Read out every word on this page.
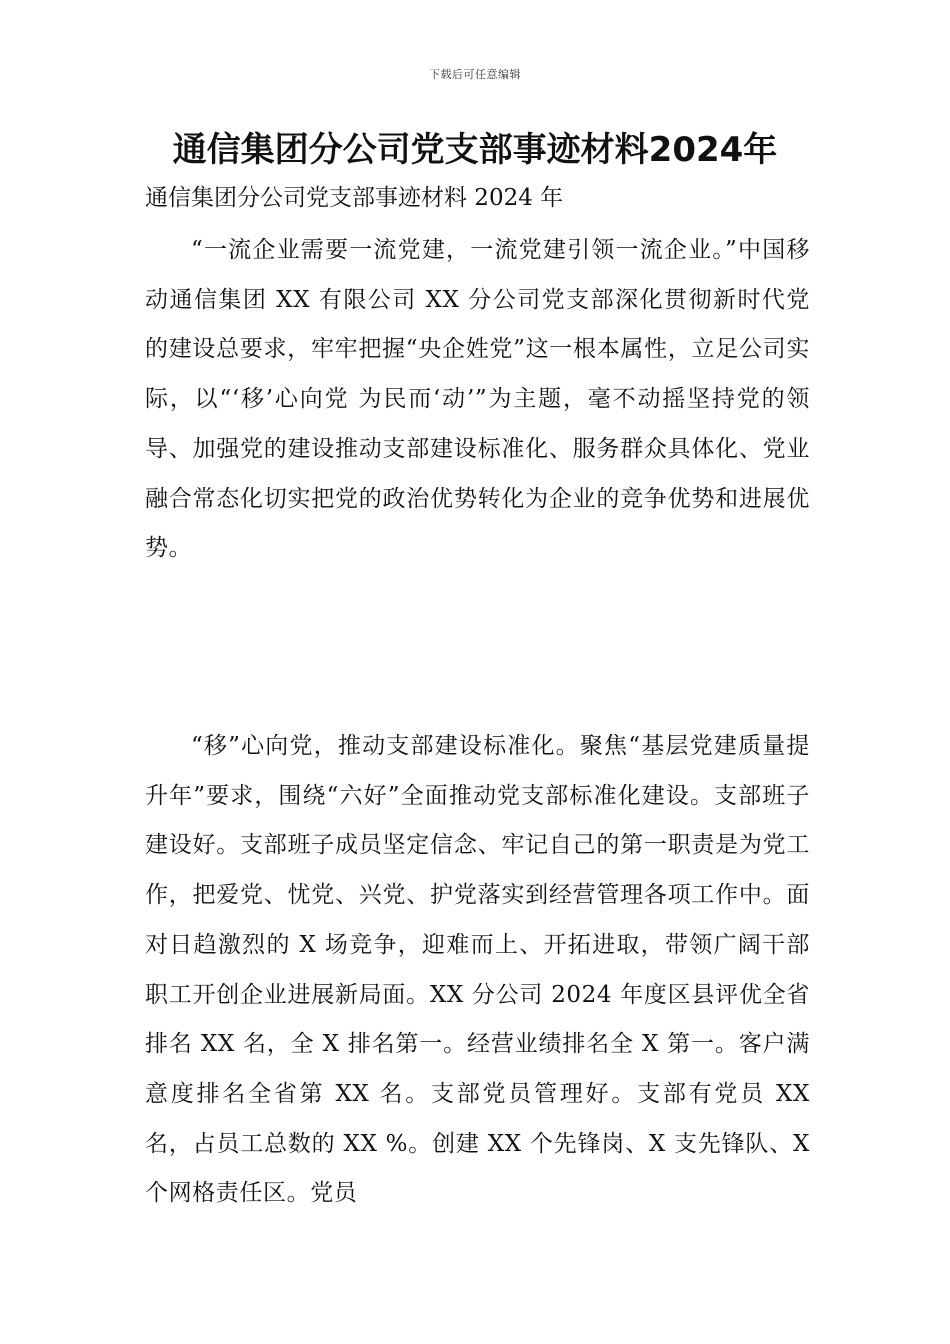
下载后可任意编辑
通信集团分公司党支部事迹材料2024年
通信集团分公司党支部事迹材料 2024 年

“一流企业需要一流党建，一流党建引领一流企业。”中国移动通信集团 XX 有限公司 XX 分公司党支部深化贯彻新时代党的建设总要求，牢牢把握“央企姓党”这一根本属性，立足公司实际，以“‘移’心向党 为民而‘动’”为主题，毫不动摇坚持党的领导、加强党的建设推动支部建设标准化、服务群众具体化、党业融合常态化切实把党的政治优势转化为企业的竞争优势和进展优势。

“移”心向党，推动支部建设标准化。聚焦“基层党建质量提升年”要求，围绕“六好”全面推动党支部标准化建设。支部班子建设好。支部班子成员坚定信念、牢记自己的第一职责是为党工作，把爱党、忧党、兴党、护党落实到经营管理各项工作中。面对日趋激烈的 X 场竞争，迎难而上、开拓进取，带领广阔干部职工开创企业进展新局面。XX 分公司 2024 年度区县评优全省排名 XX 名，全 X 排名第一。经营业绩排名全 X 第一。客户满意度排名全省第 XX 名。支部党员管理好。支部有党员 XX 名，占员工总数的 XX %。创建 XX 个先锋岗、X 支先锋队、X 个网格责任区。党员
